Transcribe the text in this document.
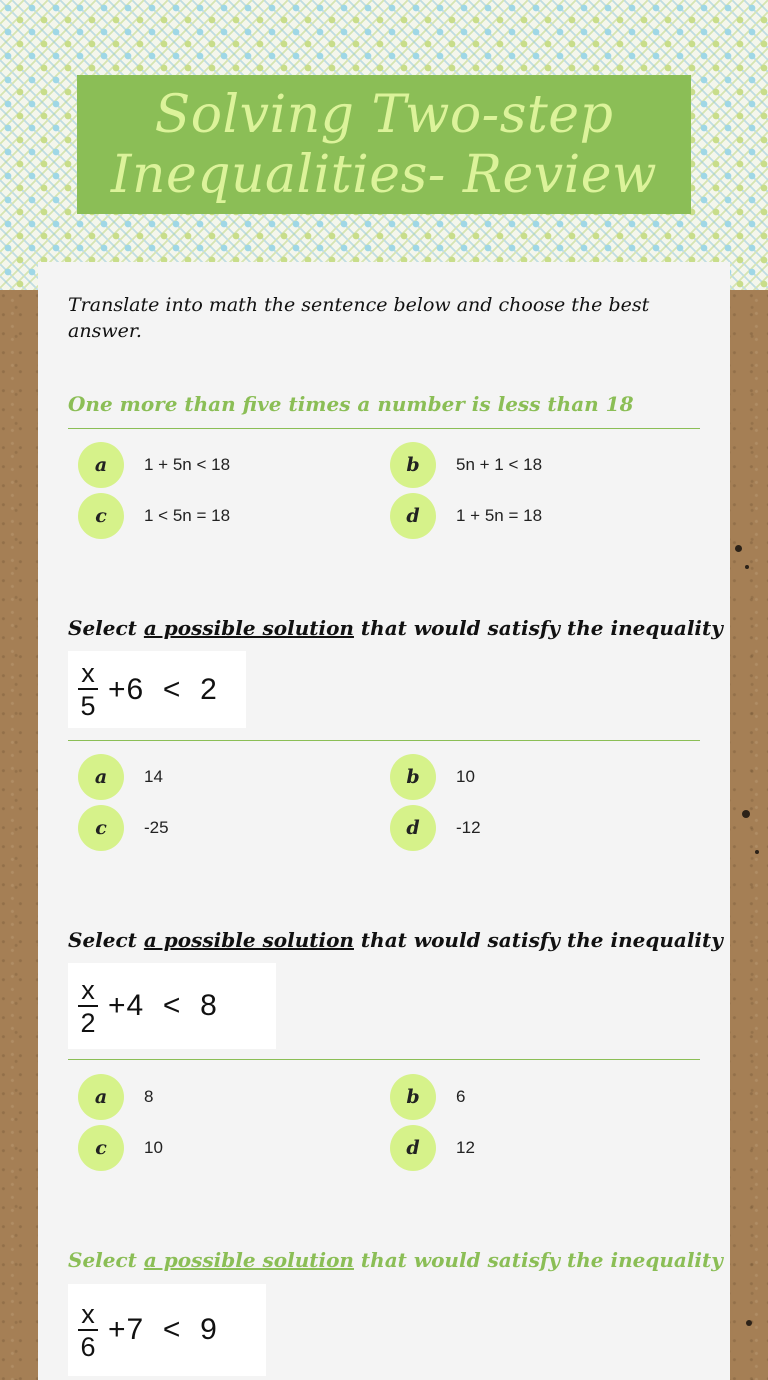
Solving Two-step
Inequalities- Review

Translate into math the sentence below and choose the best answer.

One more than five times a number is less than 18
a	1 + 5n < 18	b	5n + 1 < 18
c	1 < 5n = 18	d	1 + 5n = 18
Select a possible solution that would satisfy the inequality
$\frac{x}{5} +6 < 2$
a	14	b	10
c	-25	d	-12
Select a possible solution that would satisfy the inequality
$\frac{x}{2} +4 < 8$
a	8	b	6
c	10	d	12
Select a possible solution that would satisfy the inequality
$\frac{x}{6} +7 < 9$
